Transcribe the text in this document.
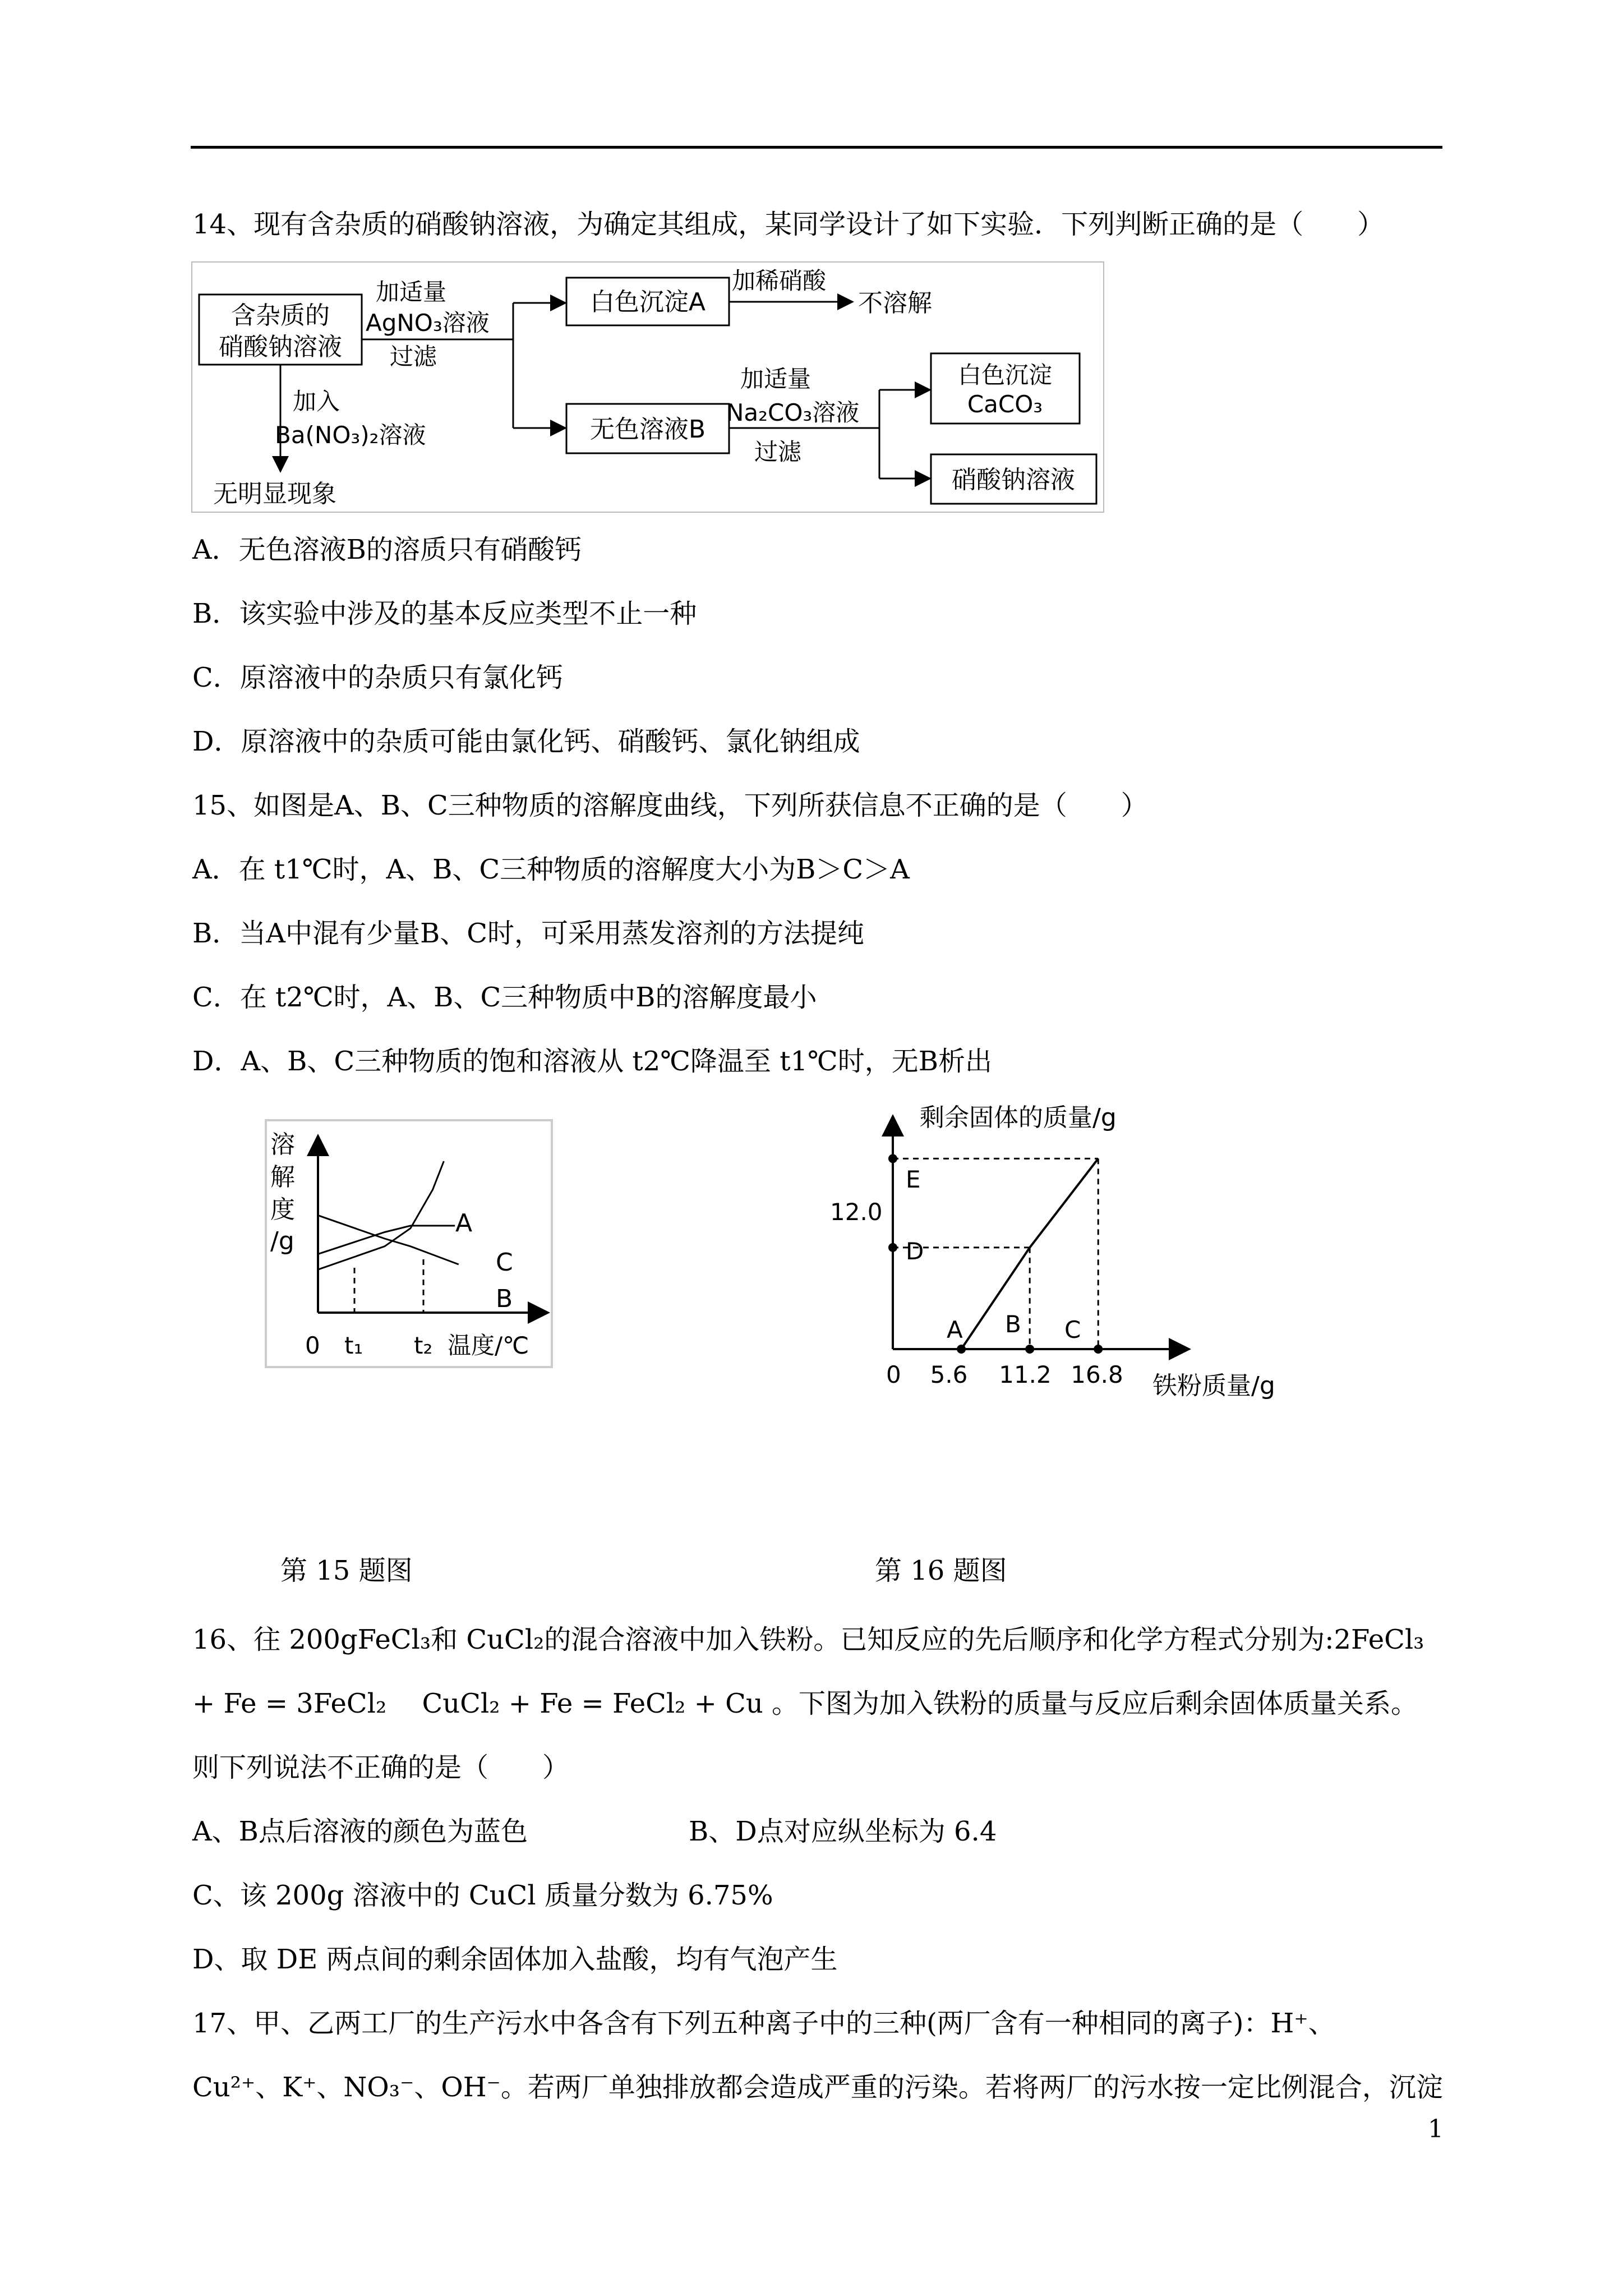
14、现有含杂质的硝酸钠溶液，为确定其组成，某同学设计了如下实验．下列判断正确的是（　　）
含杂质的
硝酸钠溶液
加适量
AgNO₃溶液
过滤
白色沉淀A
加稀硝酸
不溶解
加入
Ba(NO₃)₂溶液
无明显现象
无色溶液B
加适量
Na₂CO₃溶液
过滤
白色沉淀
CaCO₃
硝酸钠溶液
A．无色溶液B的溶质只有硝酸钙
B．该实验中涉及的基本反应类型不止一种
C．原溶液中的杂质只有氯化钙
D．原溶液中的杂质可能由氯化钙、硝酸钙、氯化钠组成
15、如图是A、B、C三种物质的溶解度曲线，下列所获信息不正确的是（　　）
A．在 t1℃时，A、B、C三种物质的溶解度大小为B＞C＞A
B．当A中混有少量B、C时，可采用蒸发溶剂的方法提纯
C．在 t2℃时，A、B、C三种物质中B的溶解度最小
D．A、B、C三种物质的饱和溶液从 t2℃降温至 t1℃时，无B析出
溶
解
度
/g
A
C
B
0 t₁ t₂ 温度/℃
剩余固体的质量/g
12.0
E
D
A B C
0 5.6 11.2 16.8 铁粉质量/g
第 15 题图	第 16 题图
16、往 200gFeCl₃和 CuCl₂的混合溶液中加入铁粉。已知反应的先后顺序和化学方程式分别为:2FeCl₃
+ Fe = 3FeCl₂　 CuCl₂ + Fe = FeCl₂ + Cu 。下图为加入铁粉的质量与反应后剩余固体质量关系。
则下列说法不正确的是（　　）
A、B点后溶液的颜色为蓝色	B、D点对应纵坐标为 6.4
C、该 200g 溶液中的 CuCl 质量分数为 6.75%
D、取 DE 两点间的剩余固体加入盐酸，均有气泡产生
17、甲、乙两工厂的生产污水中各含有下列五种离子中的三种(两厂含有一种相同的离子)：H⁺、
Cu²⁺、K⁺、NO₃⁻、OH⁻。若两厂单独排放都会造成严重的污染。若将两厂的污水按一定比例混合，沉淀
1
